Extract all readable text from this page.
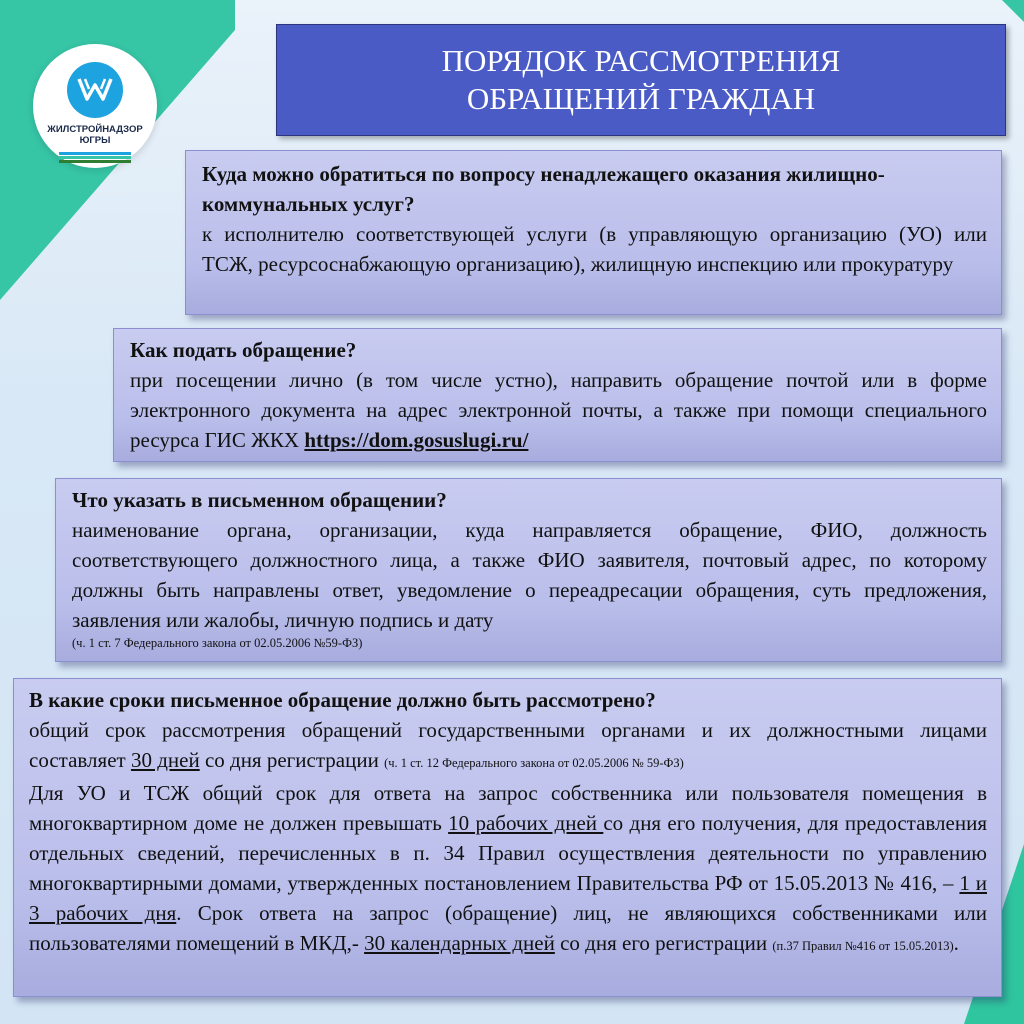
ЖИЛСТРОЙНАДЗОР
ЮГРЫ
ПОРЯДОК РАССМОТРЕНИЯ
ОБРАЩЕНИЙ ГРАЖДАН
Куда можно обратиться по вопросу ненадлежащего оказания жилищно-коммунальных услуг?
к исполнителю соответствующей услуги (в управляющую организацию (УО) или ТСЖ, ресурсоснабжающую организацию), жилищную инспекцию или прокуратуру
Как подать обращение?
при посещении лично (в том числе устно), направить обращение почтой или в форме электронного документа на адрес электронной почты, а также при помощи специального ресурса ГИС ЖКХ https://dom.gosuslugi.ru/
Что указать в письменном обращении?
наименование органа, организации, куда направляется обращение, ФИО, должность соответствующего должностного лица, а также ФИО заявителя, почтовый адрес, по которому должны быть направлены ответ, уведомление о переадресации обращения, суть предложения, заявления или жалобы, личную подпись и дату
(ч. 1 ст. 7 Федерального закона от 02.05.2006 №59-ФЗ)
В какие сроки письменное обращение должно быть рассмотрено?
общий срок рассмотрения обращений государственными органами и их должностными лицами составляет 30 дней со дня регистрации (ч. 1 ст. 12 Федерального закона от 02.05.2006 № 59-ФЗ)
Для УО и ТСЖ общий срок для ответа на запрос собственника или пользователя помещения в многоквартирном доме не должен превышать 10 рабочих дней со дня его получения, для предоставления отдельных сведений, перечисленных в п. 34 Правил осуществления деятельности по управлению многоквартирными домами, утвержденных постановлением Правительства РФ от 15.05.2013 № 416, – 1 и 3 рабочих дня. Срок ответа на запрос (обращение) лиц, не являющихся собственниками или пользователями помещений в МКД,- 30 календарных дней со дня его регистрации (п.37 Правил №416 от 15.05.2013).
